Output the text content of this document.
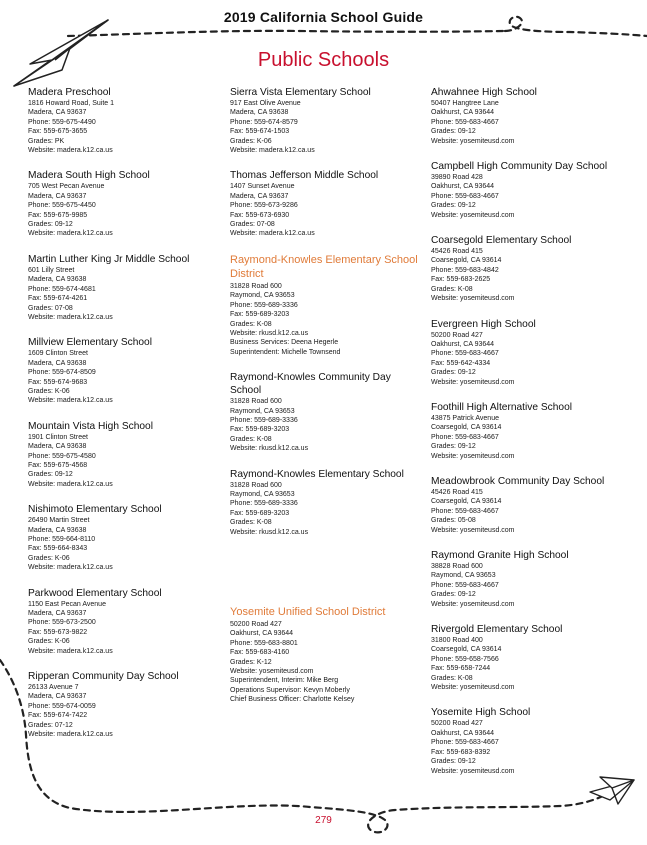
2019 California School Guide
Public Schools
Madera Preschool
1816 Howard Road, Suite 1
Madera, CA 93637
Phone: 559-675-4490
Fax: 559-675-3655
Grades: PK
Website: madera.k12.ca.us
Madera South High School
705 West Pecan Avenue
Madera, CA 93637
Phone: 559-675-4450
Fax: 559-675-9985
Grades: 09-12
Website: madera.k12.ca.us
Martin Luther King Jr Middle School
601 Lilly Street
Madera, CA 93638
Phone: 559-674-4681
Fax: 559-674-4261
Grades: 07-08
Website: madera.k12.ca.us
Millview Elementary School
1609 Clinton Street
Madera, CA 93638
Phone: 559-674-8509
Fax: 559-674-9683
Grades: K-06
Website: madera.k12.ca.us
Mountain Vista High School
1901 Clinton Street
Madera, CA 93638
Phone: 559-675-4580
Fax: 559-675-4568
Grades: 09-12
Website: madera.k12.ca.us
Nishimoto Elementary School
26490 Martin Street
Madera, CA 93638
Phone: 559-664-8110
Fax: 559-664-8343
Grades: K-06
Website: madera.k12.ca.us
Parkwood Elementary School
1150 East Pecan Avenue
Madera, CA 93637
Phone: 559-673-2500
Fax: 559-673-9822
Grades: K-06
Website: madera.k12.ca.us
Ripperan Community Day School
26133 Avenue 7
Madera, CA 93637
Phone: 559-674-0059
Fax: 559-674-7422
Grades: 07-12
Website: madera.k12.ca.us
Sierra Vista Elementary School
917 East Olive Avenue
Madera, CA 93638
Phone: 559-674-8579
Fax: 559-674-1503
Grades: K-06
Website: madera.k12.ca.us
Thomas Jefferson Middle School
1407 Sunset Avenue
Madera, CA 93637
Phone: 559-673-9286
Fax: 559-673-6930
Grades: 07-08
Website: madera.k12.ca.us
Raymond-Knowles Elementary School District
31828 Road 600
Raymond, CA 93653
Phone: 559-689-3336
Fax: 559-689-3203
Grades: K-08
Website: rkusd.k12.ca.us
Business Services: Deena Hegerle
Superintendent: Michelle Townsend
Raymond-Knowles Community Day School
31828 Road 600
Raymond, CA 93653
Phone: 559-689-3336
Fax: 559-689-3203
Grades: K-08
Website: rkusd.k12.ca.us
Raymond-Knowles Elementary School
31828 Road 600
Raymond, CA 93653
Phone: 559-689-3336
Fax: 559-689-3203
Grades: K-08
Website: rkusd.k12.ca.us
Yosemite Unified School District
50200 Road 427
Oakhurst, CA 93644
Phone: 559-683-8801
Fax: 559-683-4160
Grades: K-12
Website: yosemiteusd.com
Superintendent, Interim: Mike Berg
Operations Supervisor: Kevyn Moberly
Chief Business Officer: Charlotte Kelsey
Ahwahnee High School
50407 Hangtree Lane
Oakhurst, CA 93644
Phone: 559-683-4667
Grades: 09-12
Website: yosemiteusd.com
Campbell High Community Day School
39890 Road 428
Oakhurst, CA 93644
Phone: 559-683-4667
Grades: 09-12
Website: yosemiteusd.com
Coarsegold Elementary School
45426 Road 415
Coarsegold, CA 93614
Phone: 559-683-4842
Fax: 559-683-2625
Grades: K-08
Website: yosemiteusd.com
Evergreen High School
50200 Road 427
Oakhurst, CA 93644
Phone: 559-683-4667
Fax: 559-642-4334
Grades: 09-12
Website: yosemiteusd.com
Foothill High Alternative School
43875 Patrick Avenue
Coarsegold, CA 93614
Phone: 559-683-4667
Grades: 09-12
Website: yosemiteusd.com
Meadowbrook Community Day School
45426 Road 415
Coarsegold, CA 93614
Phone: 559-683-4667
Grades: 05-08
Website: yosemiteusd.com
Raymond Granite High School
38828 Road 600
Raymond, CA 93653
Phone: 559-683-4667
Grades: 09-12
Website: yosemiteusd.com
Rivergold Elementary School
31800 Road 400
Coarsegold, CA 93614
Phone: 559-658-7566
Fax: 559-658-7244
Grades: K-08
Website: yosemiteusd.com
Yosemite High School
50200 Road 427
Oakhurst, CA 93644
Phone: 559-683-4667
Fax: 559-683-8392
Grades: 09-12
Website: yosemiteusd.com
279
